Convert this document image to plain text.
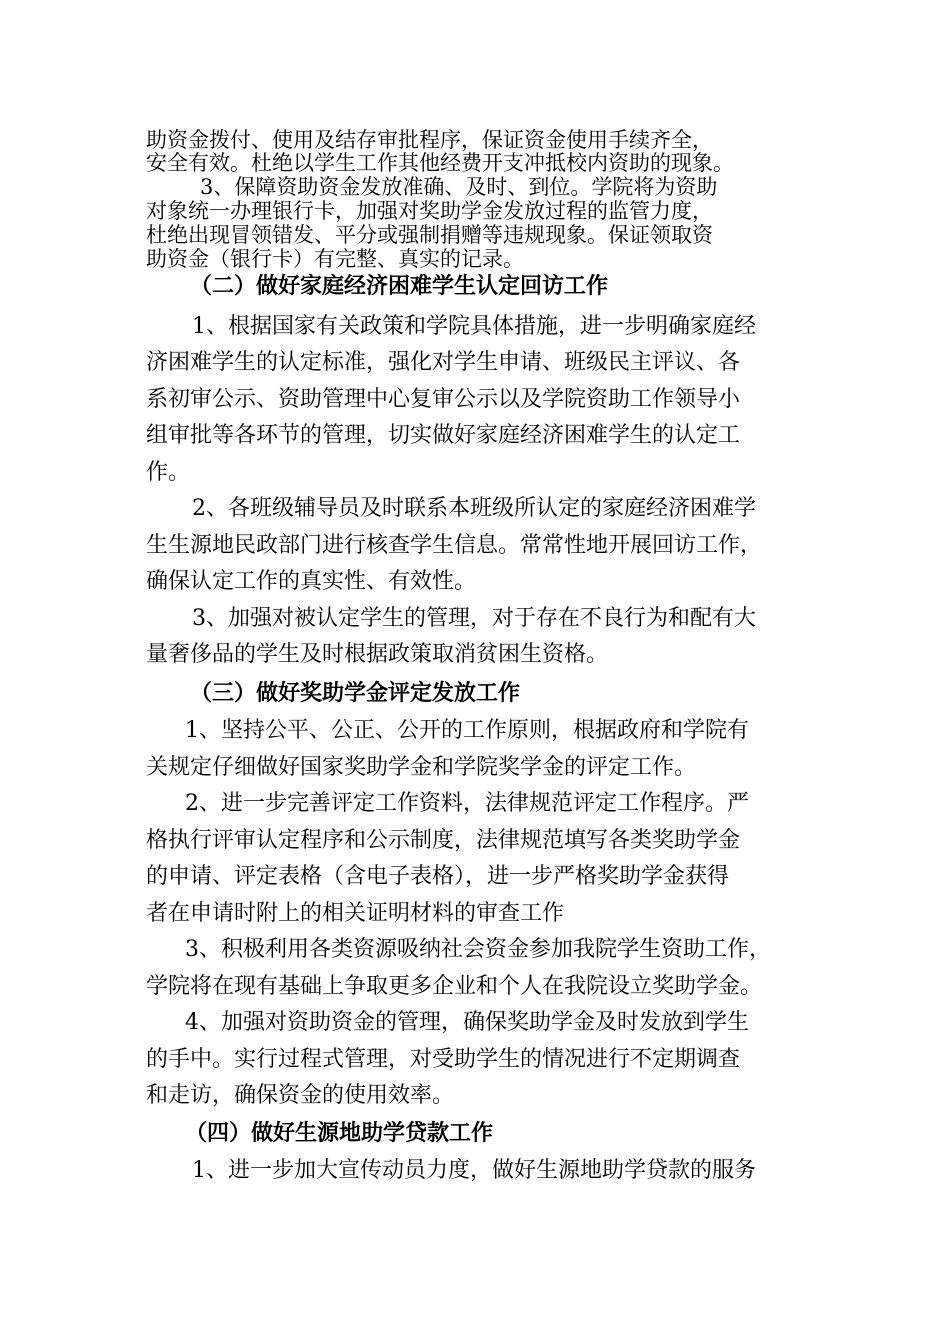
助资金拨付、使用及结存审批程序，保证资金使用手续齐全，
安全有效。杜绝以学生工作其他经费开支冲抵校内资助的现象。
3、保障资助资金发放准确、及时、到位。学院将为资助
对象统一办理银行卡，加强对奖助学金发放过程的监管力度，
杜绝出现冒领错发、平分或强制捐赠等违规现象。保证领取资
助资金（银行卡）有完整、真实的记录。
（二）做好家庭经济困难学生认定回访工作
1、根据国家有关政策和学院具体措施，进一步明确家庭经
济困难学生的认定标准，强化对学生申请、班级民主评议、各
系初审公示、资助管理中心复审公示以及学院资助工作领导小
组审批等各环节的管理，切实做好家庭经济困难学生的认定工
作。
2、各班级辅导员及时联系本班级所认定的家庭经济困难学
生生源地民政部门进行核查学生信息。常常性地开展回访工作，
确保认定工作的真实性、有效性。
3、加强对被认定学生的管理，对于存在不良行为和配有大
量奢侈品的学生及时根据政策取消贫困生资格。
（三）做好奖助学金评定发放工作
1、坚持公平、公正、公开的工作原则，根据政府和学院有
关规定仔细做好国家奖助学金和学院奖学金的评定工作。
2、进一步完善评定工作资料，法律规范评定工作程序。严
格执行评审认定程序和公示制度，法律规范填写各类奖助学金
的申请、评定表格（含电子表格），进一步严格奖助学金获得
者在申请时附上的相关证明材料的审查工作
3、积极利用各类资源吸纳社会资金参加我院学生资助工作，
学院将在现有基础上争取更多企业和个人在我院设立奖助学金。
4、加强对资助资金的管理，确保奖助学金及时发放到学生
的手中。实行过程式管理，对受助学生的情况进行不定期调查
和走访，确保资金的使用效率。
（四）做好生源地助学贷款工作
1、进一步加大宣传动员力度，做好生源地助学贷款的服务
